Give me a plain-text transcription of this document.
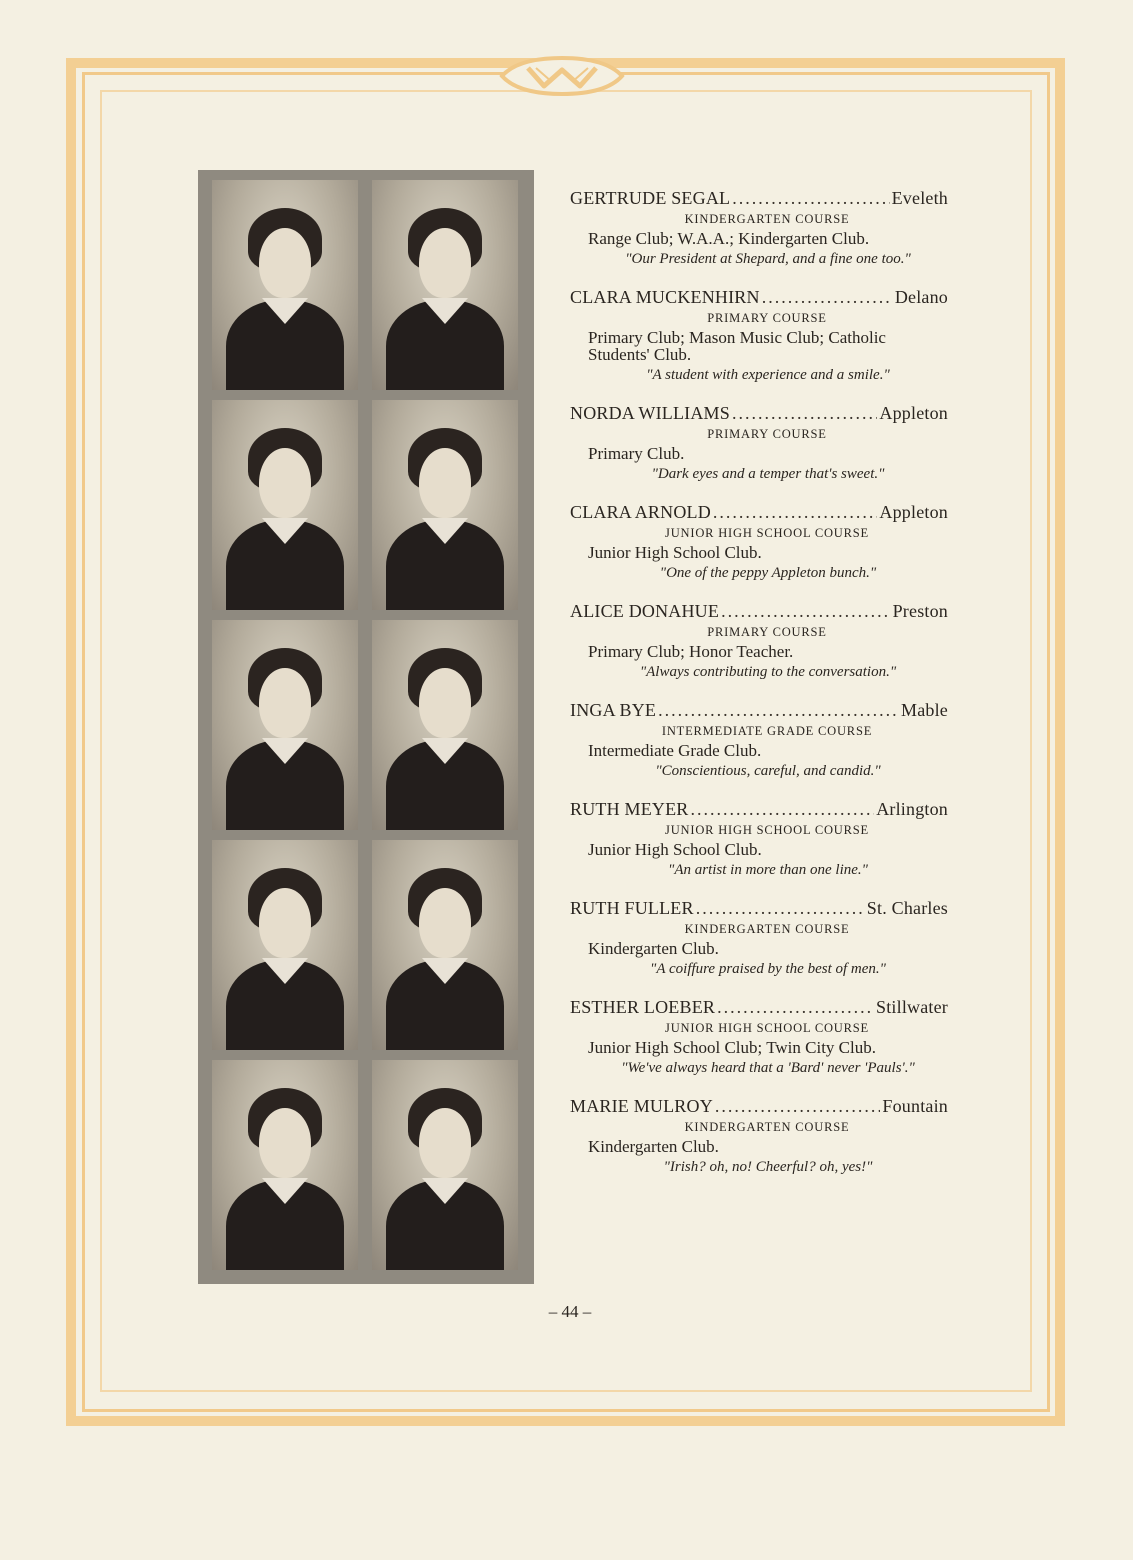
GERTRUDE SEGAL .....	Eveleth
KINDERGARTEN COURSE
Range Club; W.A.A.; Kindergarten Club.
"Our President at Shepard, and a fine one too."
CLARA MUCKENHIRN .....	Delano
PRIMARY COURSE
Primary Club; Mason Music Club; Catholic Students' Club.
"A student with experience and a smile."
NORDA WILLIAMS .....	Appleton
PRIMARY COURSE
Primary Club.
"Dark eyes and a temper that's sweet."
CLARA ARNOLD .....	Appleton
JUNIOR HIGH SCHOOL COURSE
Junior High School Club.
"One of the peppy Appleton bunch."
ALICE DONAHUE .....	Preston
PRIMARY COURSE
Primary Club; Honor Teacher.
"Always contributing to the conversation."
INGA BYE .....	Mable
INTERMEDIATE GRADE COURSE
Intermediate Grade Club.
"Conscientious, careful, and candid."
RUTH MEYER .....	Arlington
JUNIOR HIGH SCHOOL COURSE
Junior High School Club.
"An artist in more than one line."
RUTH FULLER .....	St. Charles
KINDERGARTEN COURSE
Kindergarten Club.
"A coiffure praised by the best of men."
ESTHER LOEBER .....	Stillwater
JUNIOR HIGH SCHOOL COURSE
Junior High School Club; Twin City Club.
"We've always heard that a 'Bard' never 'Pauls'."
MARIE MULROY .....	Fountain
KINDERGARTEN COURSE
Kindergarten Club.
"Irish? oh, no! Cheerful? oh, yes!"
– 44 –
